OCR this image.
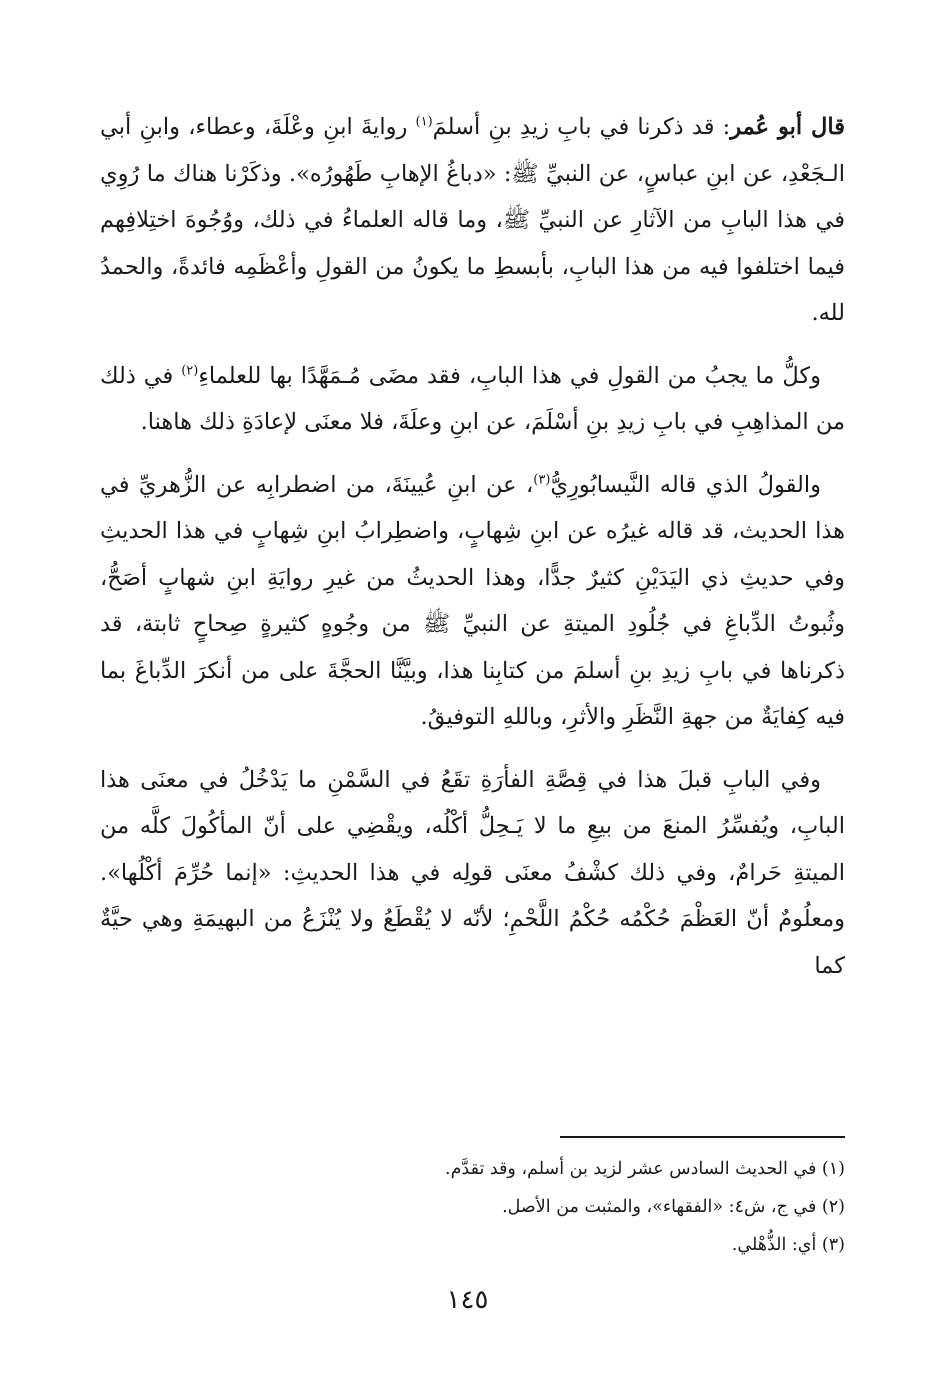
قال أبو عُمر: قد ذكرنا في بابِ زيدِ بنِ أسلمَ$^{(١)}$ روايةَ ابنِ وعْلَةَ، وعطاء، وابنِ أبي الـجَعْدِ، عن ابنِ عباسٍ، عن النبيِّ ﷺ: «دباغُ الإهابِ طَهُورُه». وذكَرْنا هناك ما رُوِي في هذا البابِ من الآثارِ عن النبيِّ ﷺ، وما قاله العلماءُ في ذلك، ووُجُوهَ اختِلافِهم فيما اختلفوا فيه من هذا البابِ، بأبسطِ ما يكونُ من القولِ وأعْظَمِه فائدةً، والحمدُ لله.

وكلُّ ما يجبُ من القولِ في هذا البابِ، فقد مضَى مُـمَهَّدًا بها للعلماءِ$^{(٢)}$ في ذلك من المذاهِبِ في بابِ زيدِ بنِ أسْلَمَ، عن ابنِ وعلَةَ، فلا معنَى لإعادَةِ ذلك هاهنا.

والقولُ الذي قاله النَّيسابُورِيُّ$^{(٣)}$، عن ابنِ عُيينَةَ، من اضطرابِه عن الزُّهريِّ في هذا الحديث، قد قاله غيرُه عن ابنِ شِهابٍ، واضطِرابُ ابنِ شِهابٍ في هذا الحديثِ وفي حديثِ ذي اليَدَيْنِ كثيرٌ جدًّا، وهذا الحديثُ من غيرِ روايَةِ ابنِ شهابٍ أصَحُّ، وثُبوتُ الدِّباغِ في جُلُودِ الميتةِ عن النبيِّ ﷺ من وجُوهٍ كثيرةٍ صِحاحٍ ثابتة، قد ذكرناها في بابِ زيدِ بنِ أسلمَ من كتابِنا هذا، وبيَّنَّا الحجَّةَ على من أنكرَ الدِّباغَ بما فيه كِفايَةٌ من جهةِ النَّظَرِ والأثرِ، وباللهِ التوفيقُ.

وفي البابِ قبلَ هذا في قِصَّةِ الفأرَةِ تقَعُ في السَّمْنِ ما يَدْخُلُ في معنَى هذا البابِ، ويُفسِّرُ المنعَ من بيعِ ما لا يَـحِلُّ أكْلُه، ويقْضِي على أنّ المأكُولَ كلَّه من الميتةِ حَرامٌ، وفي ذلك كشْفُ معنَى قولِه في هذا الحديثِ: «إنما حُرِّمَ أكْلُها». ومعلُومٌ أنّ العَظْمَ حُكْمُه حُكْمُ اللَّحْمِ؛ لأنّه لا يُقْطَعُ ولا يُنْزَعُ من البهيمَةِ وهي حيَّةٌ كما

(١) في الحديث السادس عشر لزيد بن أسلم، وقد تقدَّم.

(٢) في ج، ش٤: «الفقهاء»، والمثبت من الأصل.

(٣) أي: الذُّهْلي.

١٤٥
